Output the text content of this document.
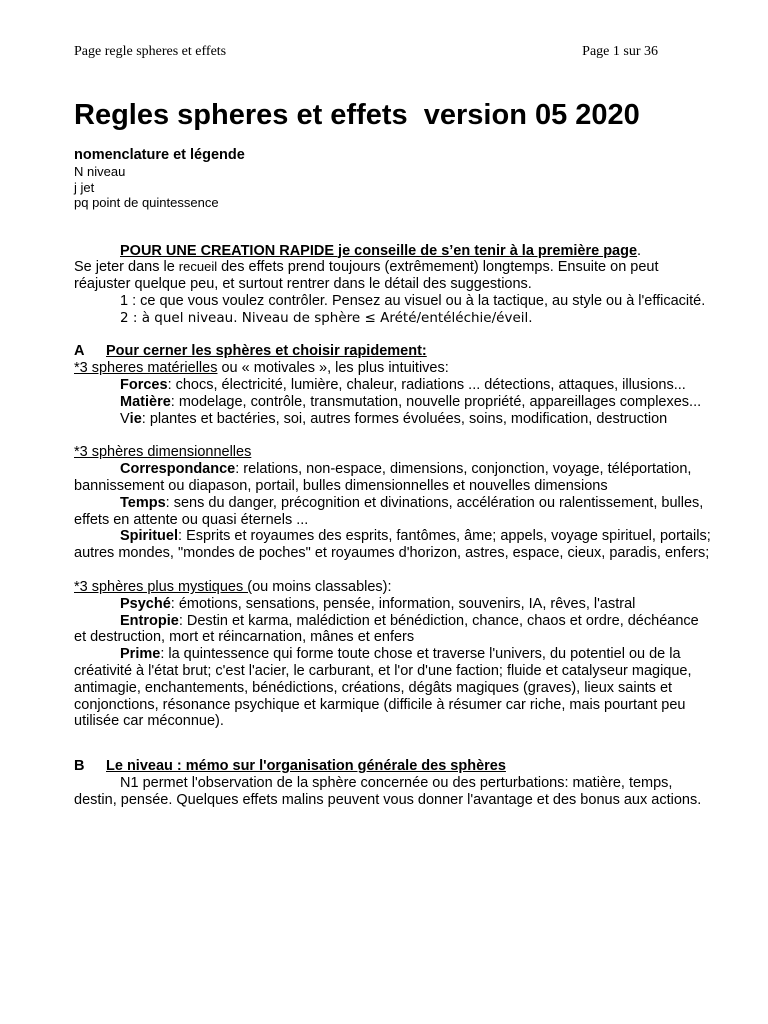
Page regle spheres et effets	Page 1 sur 36
Regles spheres et effets  version 05 2020
nomenclature et légende
N niveau
j jet
pq point de quintessence
POUR UNE CREATION RAPIDE je conseille de s’en tenir à la première page.
Se jeter dans le recueil des effets prend toujours (extrêmement) longtemps. Ensuite on peut réajuster quelque peu, et surtout rentrer dans le détail des suggestions.
1 : ce que vous voulez contrôler. Pensez au visuel ou à la tactique, au style ou à l'efficacité.
2 : à quel niveau. Niveau de sphère ≤ Arété/entéléchie/éveil.
A Pour cerner les sphères et choisir rapidement:
*3 spheres matérielles ou « motivales », les plus intuitives:
Forces: chocs, électricité, lumière, chaleur, radiations ... détections, attaques, illusions...
Matière: modelage, contrôle, transmutation, nouvelle propriété, appareillages complexes...
Vie: plantes et bactéries, soi, autres formes évoluées, soins, modification, destruction
*3 sphères dimensionnelles
Correspondance: relations, non-espace, dimensions, conjonction, voyage, téléportation, bannissement ou diapason, portail, bulles dimensionnelles et nouvelles dimensions
Temps: sens du danger, précognition et divinations, accélération ou ralentissement, bulles, effets en attente ou quasi éternels ...
Spirituel: Esprits et royaumes des esprits, fantômes, âme; appels, voyage spirituel, portails; autres mondes, "mondes de poches" et royaumes d'horizon, astres, espace, cieux, paradis, enfers;
*3 sphères plus mystiques (ou moins classables):
Psyché: émotions, sensations, pensée, information, souvenirs, IA, rêves, l'astral
Entropie: Destin et karma, malédiction et bénédiction, chance, chaos et ordre, déchéance et destruction, mort et réincarnation, mânes et enfers
Prime: la quintessence qui forme toute chose et traverse l'univers, du potentiel ou de la créativité à l'état brut; c'est l'acier, le carburant, et l'or d'une faction; fluide et catalyseur magique, antimagie, enchantements, bénédictions, créations, dégâts magiques (graves), lieux saints et conjonctions, résonance psychique et karmique (difficile à résumer car riche, mais pourtant peu utilisée car méconnue).
B Le niveau : mémo sur l'organisation générale des sphères
N1 permet l'observation de la sphère concernée ou des perturbations: matière, temps, destin, pensée. Quelques effets malins peuvent vous donner l'avantage et des bonus aux actions.
